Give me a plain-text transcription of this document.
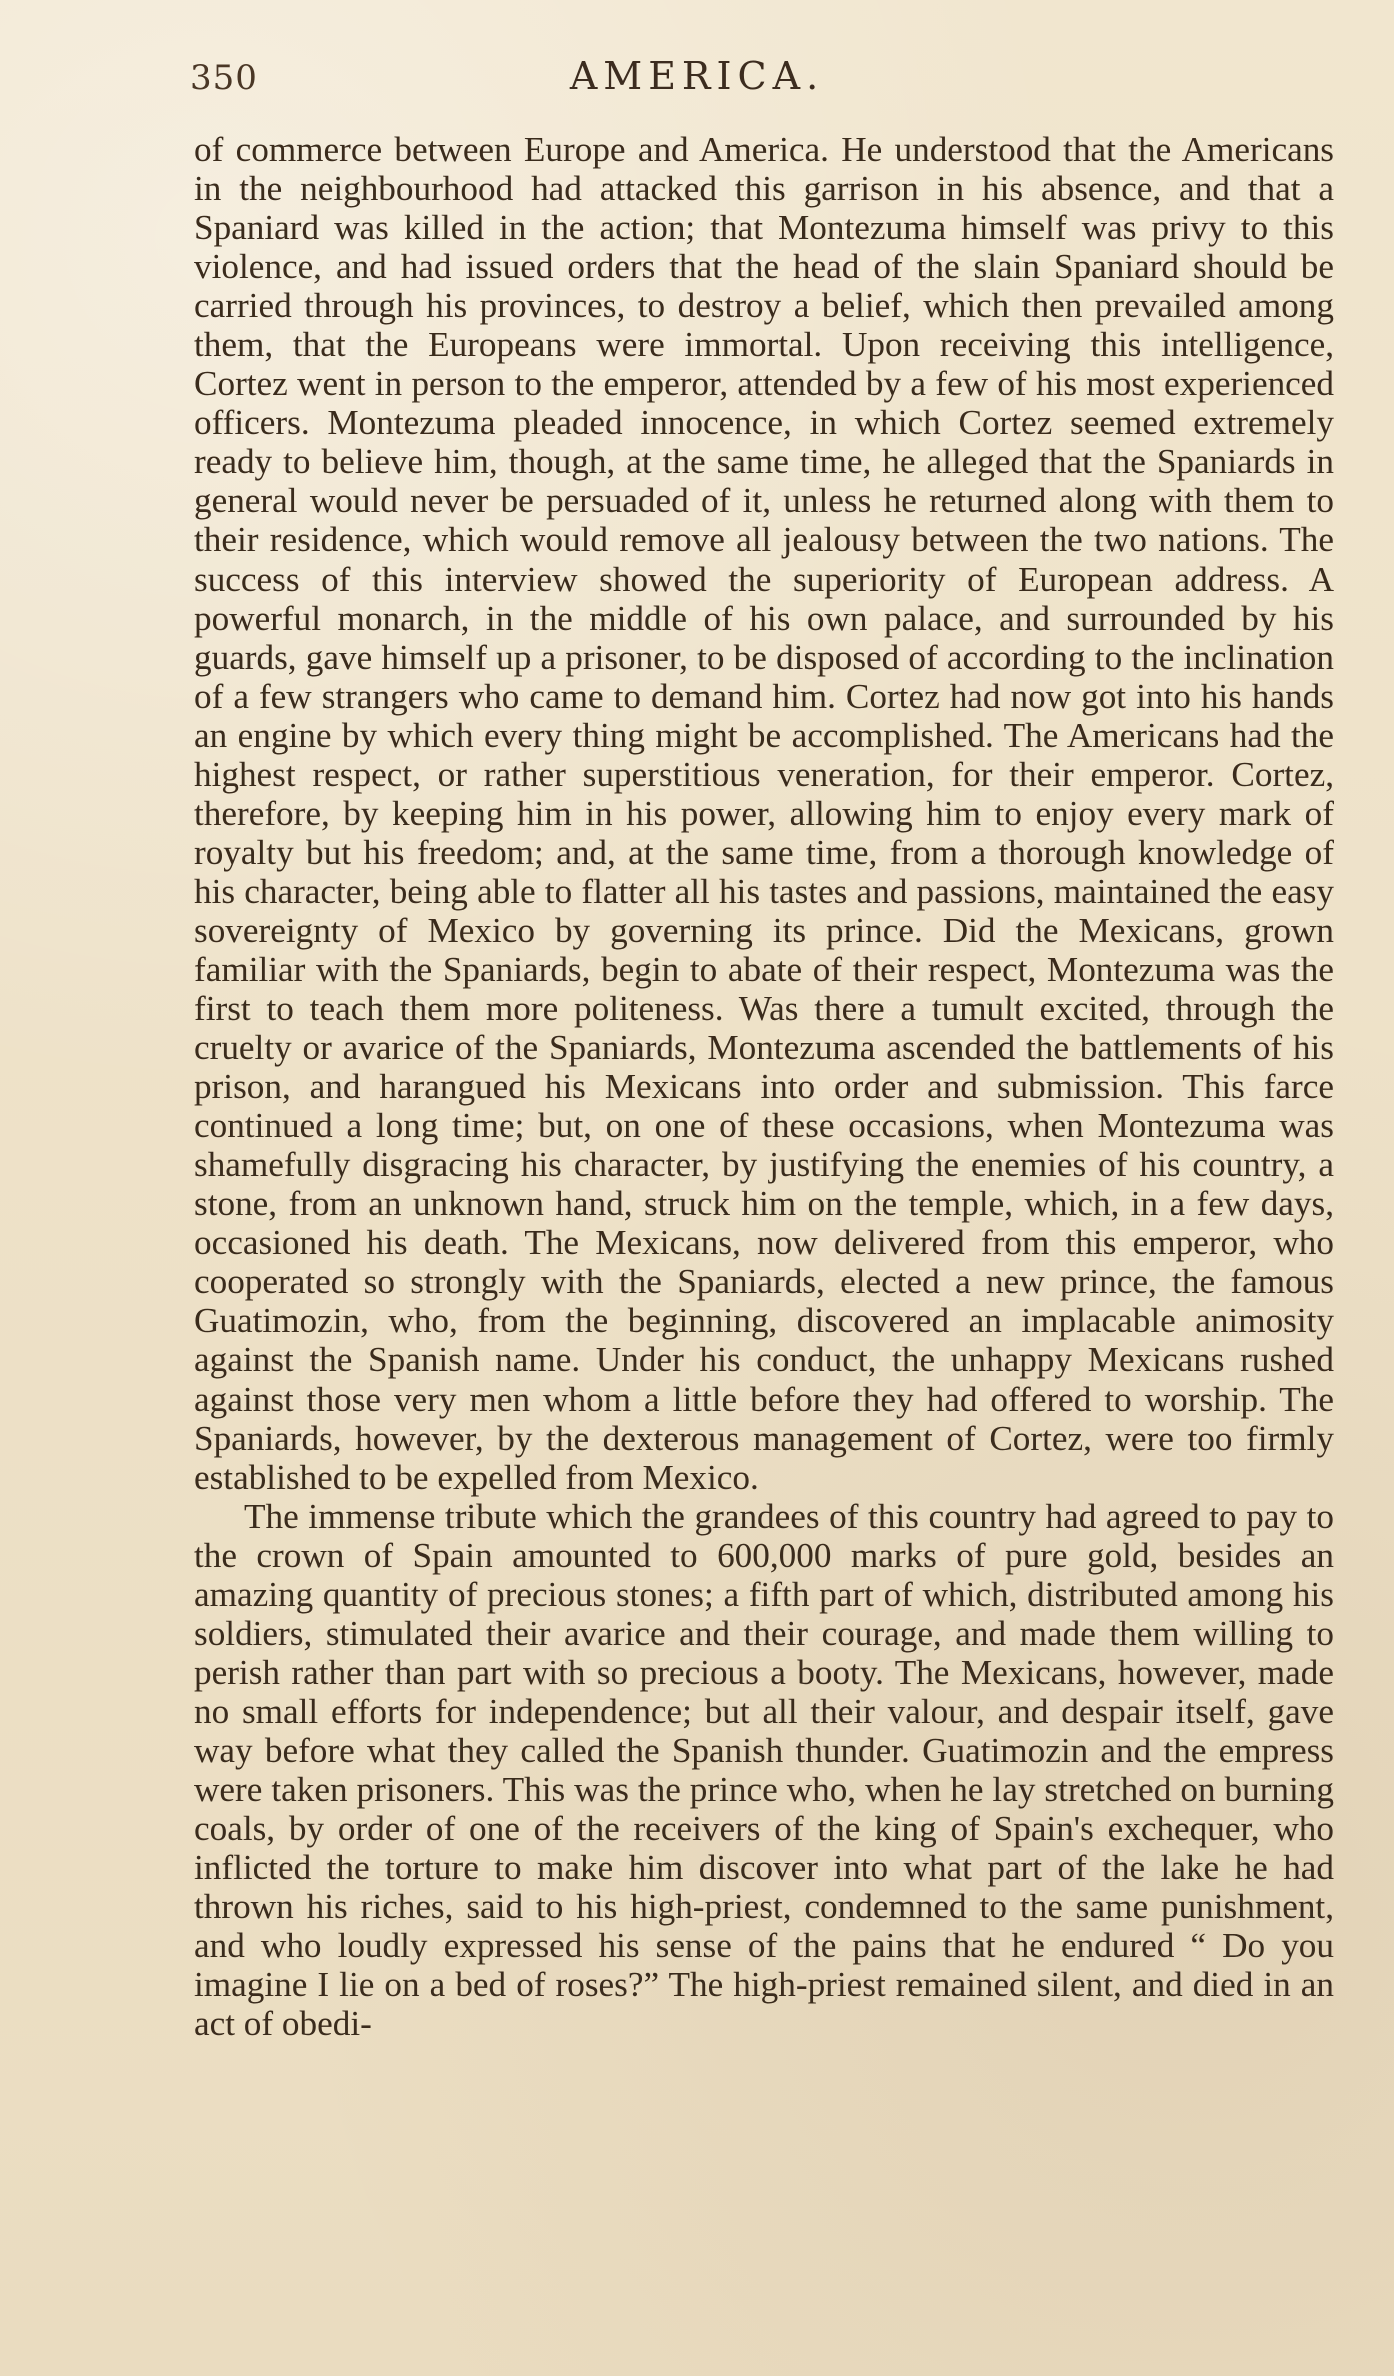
350	AMERICA.

of commerce between Europe and America. He understood that the Americans in the neighbourhood had attacked this garrison in his absence, and that a Spaniard was killed in the action; that Montezuma himself was privy to this violence, and had issued orders that the head of the slain Spaniard should be carried through his provinces, to destroy a belief, which then prevailed among them, that the Europeans were immortal. Upon receiving this intelligence, Cortez went in person to the emperor, attended by a few of his most experienced officers. Montezuma pleaded innocence, in which Cortez seemed extremely ready to believe him, though, at the same time, he alleged that the Spaniards in general would never be persuaded of it, unless he returned along with them to their residence, which would remove all jealousy between the two nations. The success of this interview showed the superiority of European address. A powerful monarch, in the middle of his own palace, and surrounded by his guards, gave himself up a prisoner, to be disposed of according to the inclination of a few strangers who came to demand him. Cortez had now got into his hands an engine by which every thing might be accomplished. The Americans had the highest respect, or rather superstitious veneration, for their emperor. Cortez, therefore, by keeping him in his power, allowing him to enjoy every mark of royalty but his freedom; and, at the same time, from a thorough knowledge of his character, being able to flatter all his tastes and passions, maintained the easy sovereignty of Mexico by governing its prince. Did the Mexicans, grown familiar with the Spaniards, begin to abate of their respect, Montezuma was the first to teach them more politeness. Was there a tumult excited, through the cruelty or avarice of the Spaniards, Montezuma ascended the battlements of his prison, and harangued his Mexicans into order and submission. This farce continued a long time; but, on one of these occasions, when Montezuma was shamefully disgracing his character, by justifying the enemies of his country, a stone, from an unknown hand, struck him on the temple, which, in a few days, occasioned his death. The Mexicans, now delivered from this emperor, who cooperated so strongly with the Spaniards, elected a new prince, the famous Guatimozin, who, from the beginning, discovered an implacable animosity against the Spanish name. Under his conduct, the unhappy Mexicans rushed against those very men whom a little before they had offered to worship. The Spaniards, however, by the dexterous management of Cortez, were too firmly established to be expelled from Mexico.

The immense tribute which the grandees of this country had agreed to pay to the crown of Spain amounted to 600,000 marks of pure gold, besides an amazing quantity of precious stones; a fifth part of which, distributed among his soldiers, stimulated their avarice and their courage, and made them willing to perish rather than part with so precious a booty. The Mexicans, however, made no small efforts for independence; but all their valour, and despair itself, gave way before what they called the Spanish thunder. Guatimozin and the empress were taken prisoners. This was the prince who, when he lay stretched on burning coals, by order of one of the receivers of the king of Spain's exchequer, who inflicted the torture to make him discover into what part of the lake he had thrown his riches, said to his high-priest, condemned to the same punishment, and who loudly expressed his sense of the pains that he endured “ Do you imagine I lie on a bed of roses?” The high-priest remained silent, and died in an act of obedi-
